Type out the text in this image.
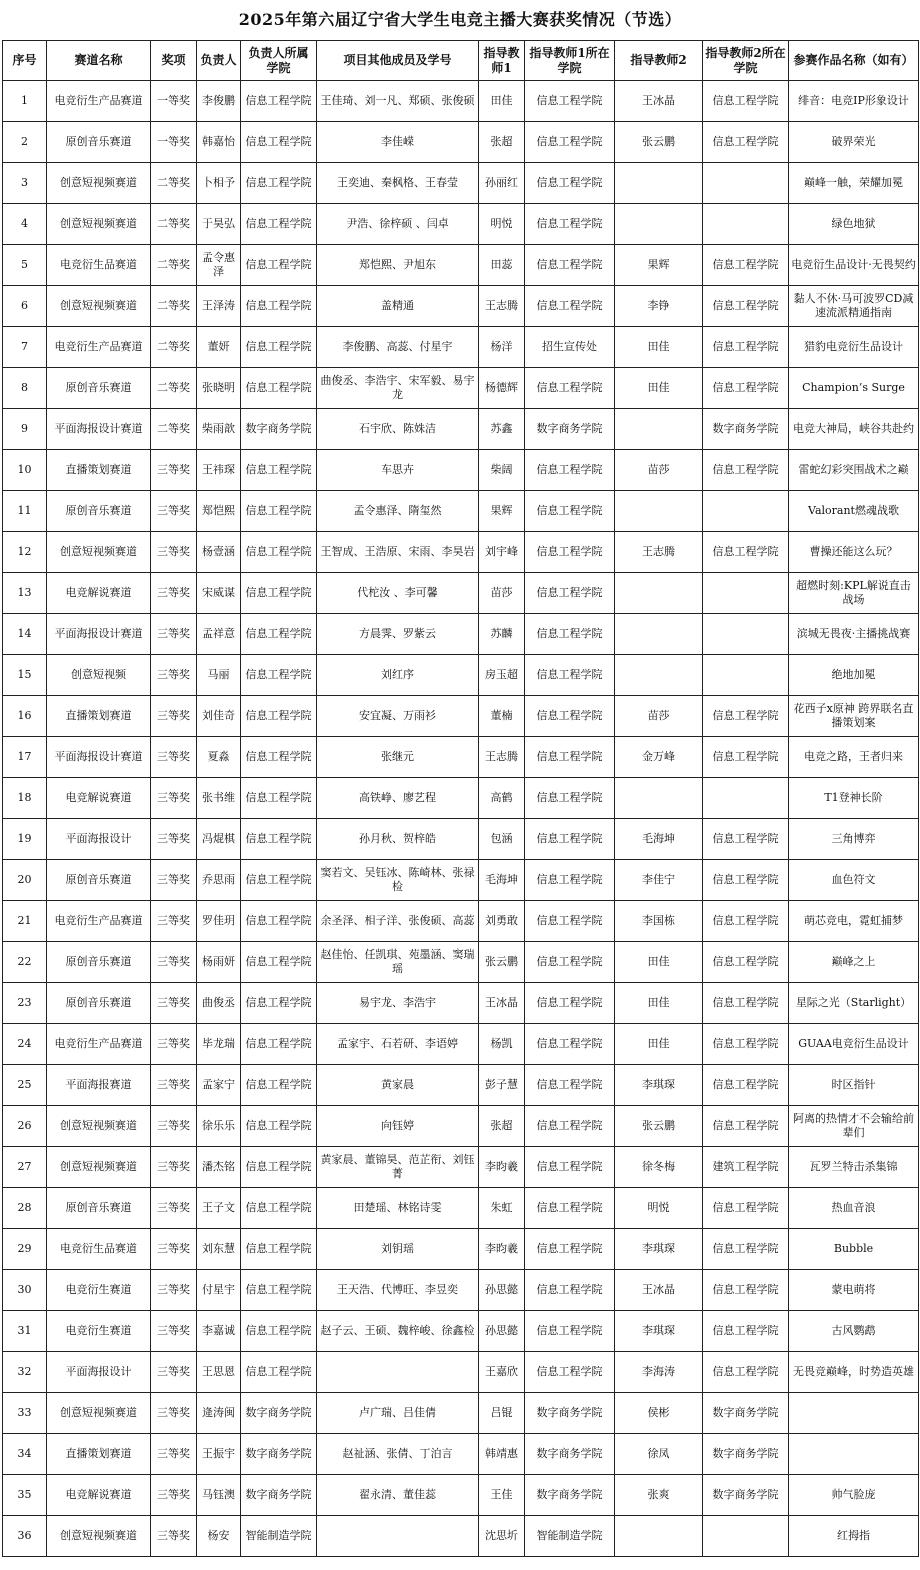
2025年第六届辽宁省大学生电竞主播大赛获奖情况（节选）
序号	赛道名称	奖项	负责人	负责人所属学院	项目其他成员及学号	指导教师1	指导教师1所在学院	指导教师2	指导教师2所在学院	参赛作品名称（如有）
1	电竞衍生产品赛道	一等奖	李俊鹏	信息工程学院	王佳琦、刘一凡、郑硕、张俊硕	田佳	信息工程学院	王冰晶	信息工程学院	绯音：电竞IP形象设计
2	原创音乐赛道	一等奖	韩嘉怡	信息工程学院	李佳嵘	张超	信息工程学院	张云鹏	信息工程学院	破界荣光
3	创意短视频赛道	二等奖	卜相予	信息工程学院	王奕迪、秦枫格、王春莹	孙丽红	信息工程学院			巅峰一触，荣耀加冕
4	创意短视频赛道	二等奖	于昊弘	信息工程学院	尹浩、徐梓硕 、闫卓	明悦	信息工程学院			绿色地狱
5	电竞衍生品赛道	二等奖	孟令惠泽	信息工程学院	郑恺熙、尹旭东	田蕊	信息工程学院	果辉	信息工程学院	电竞衍生品设计·无畏契约
6	创意短视频赛道	二等奖	王泽涛	信息工程学院	盖精通	王志腾	信息工程学院	李铮	信息工程学院	黏人不休·马可波罗CD减速流派精通指南
7	电竞衍生产品赛道	二等奖	董妍	信息工程学院	李俊鹏、高蕊、付星宇	杨洋	招生宣传处	田佳	信息工程学院	猎豹电竞衍生品设计
8	原创音乐赛道	二等奖	张晓明	信息工程学院	曲俊丞、李浩宇、宋军毅、易宇龙	杨德辉	信息工程学院	田佳	信息工程学院	Champion’s Surge
9	平面海报设计赛道	二等奖	柴雨歆	数字商务学院	石宇欣、陈姝洁	苏鑫	数字商务学院		数字商务学院	电竞大神局，峡谷共赴约
10	直播策划赛道	三等奖	王祎琛	信息工程学院	车思卉	柴阔	信息工程学院	苗莎	信息工程学院	雷蛇幻彩突围战术之巅
11	原创音乐赛道	三等奖	郑恺熙	信息工程学院	孟令惠泽、隋玺然	果辉	信息工程学院			Valorant燃魂战歌
12	创意短视频赛道	三等奖	杨壹涵	信息工程学院	王智成、王浩原、宋雨、李昊岩	刘宇峰	信息工程学院	王志腾	信息工程学院	曹操还能这么玩？
13	电竞解说赛道	三等奖	宋威谋	信息工程学院	代柁汝 、李可馨	苗莎	信息工程学院			超燃时刻:KPL解说直击战场
14	平面海报设计赛道	三等奖	孟祥意	信息工程学院	方晨霁、罗紫云	苏麟	信息工程学院			滨城无畏夜·主播挑战赛
15	创意短视频	三等奖	马丽	信息工程学院	刘红序	房玉超	信息工程学院			绝地加冕
16	直播策划赛道	三等奖	刘佳奇	信息工程学院	安宜凝、万雨衫	董楠	信息工程学院	苗莎	信息工程学院	花西子x原神 跨界联名直播策划案
17	平面海报设计赛道	三等奖	夏淼	信息工程学院	张继元	王志腾	信息工程学院	金万峰	信息工程学院	电竞之路，王者归来
18	电竞解说赛道	三等奖	张书维	信息工程学院	高铁峥、廖艺程	高鹤	信息工程学院			T1登神长阶
19	平面海报设计	三等奖	冯焜棋	信息工程学院	孙月秋、贺梓皓	包涵	信息工程学院	毛海坤	信息工程学院	三角博弈
20	原创音乐赛道	三等奖	乔思雨	信息工程学院	窦若文、吴钰冰、陈崎林、张禄检	毛海坤	信息工程学院	李佳宁	信息工程学院	血色符文
21	电竞衍生产品赛道	三等奖	罗佳玥	信息工程学院	余圣泽、相子洋、张俊硕、高蕊	刘勇敢	信息工程学院	李国栋	信息工程学院	萌芯竞电，霓虹捕梦
22	原创音乐赛道	三等奖	杨雨妍	信息工程学院	赵佳怡、任凯琪、苑墨涵、窦瑞瑶	张云鹏	信息工程学院	田佳	信息工程学院	巅峰之上
23	原创音乐赛道	三等奖	曲俊丞	信息工程学院	易宇龙、李浩宇	王冰晶	信息工程学院	田佳	信息工程学院	星际之光（Starlight）
24	电竞衍生产品赛道	三等奖	毕龙瑞	信息工程学院	孟家宇、石若研、李语婷	杨凯	信息工程学院	田佳	信息工程学院	GUAA电竞衍生品设计
25	平面海报赛道	三等奖	孟家宁	信息工程学院	黄家晨	彭子慧	信息工程学院	李琪琛	信息工程学院	时区指针
26	创意短视频赛道	三等奖	徐乐乐	信息工程学院	向钰婷	张超	信息工程学院	张云鹏	信息工程学院	阿离的热情才不会输给前辈们
27	创意短视频赛道	三等奖	潘杰铭	信息工程学院	黄家晨、董锦昊、范芷衔、刘钰菁	李昀羲	信息工程学院	徐冬梅	建筑工程学院	瓦罗兰特击杀集锦
28	原创音乐赛道	三等奖	王子文	信息工程学院	田楚瑶、林铭诗雯	朱虹	信息工程学院	明悦	信息工程学院	热血音浪
29	电竞衍生品赛道	三等奖	刘东慧	信息工程学院	刘钥瑶	李昀羲	信息工程学院	李琪琛	信息工程学院	Bubble
30	电竞衍生赛道	三等奖	付星宇	信息工程学院	王天浩、代博旺、李昱奕	孙思懿	信息工程学院	王冰晶	信息工程学院	蒙电萌将
31	电竞衍生赛道	三等奖	李嘉诚	信息工程学院	赵子云、王硕、魏梓峻、徐鑫检	孙思懿	信息工程学院	李琪琛	信息工程学院	古风鹦鹉
32	平面海报设计	三等奖	王思恩	信息工程学院		王嘉欣	信息工程学院	李海涛	信息工程学院	无畏竞巅峰，时势造英雄
33	创意短视频赛道	三等奖	逄涛闽	数字商务学院	卢广瑞、吕佳倩	吕锟	数字商务学院	侯彬	数字商务学院	
34	直播策划赛道	三等奖	王振宇	数字商务学院	赵祉涵、张倩、丁泊言	韩靖惠	数字商务学院	徐凤	数字商务学院	
35	电竞解说赛道	三等奖	马钰澳	数字商务学院	翟永清、董佳蕊	王佳	数字商务学院	张爽	数字商务学院	帅气脸庞
36	创意短视频赛道	三等奖	杨安	智能制造学院		沈思圻	智能制造学院			红拇指
